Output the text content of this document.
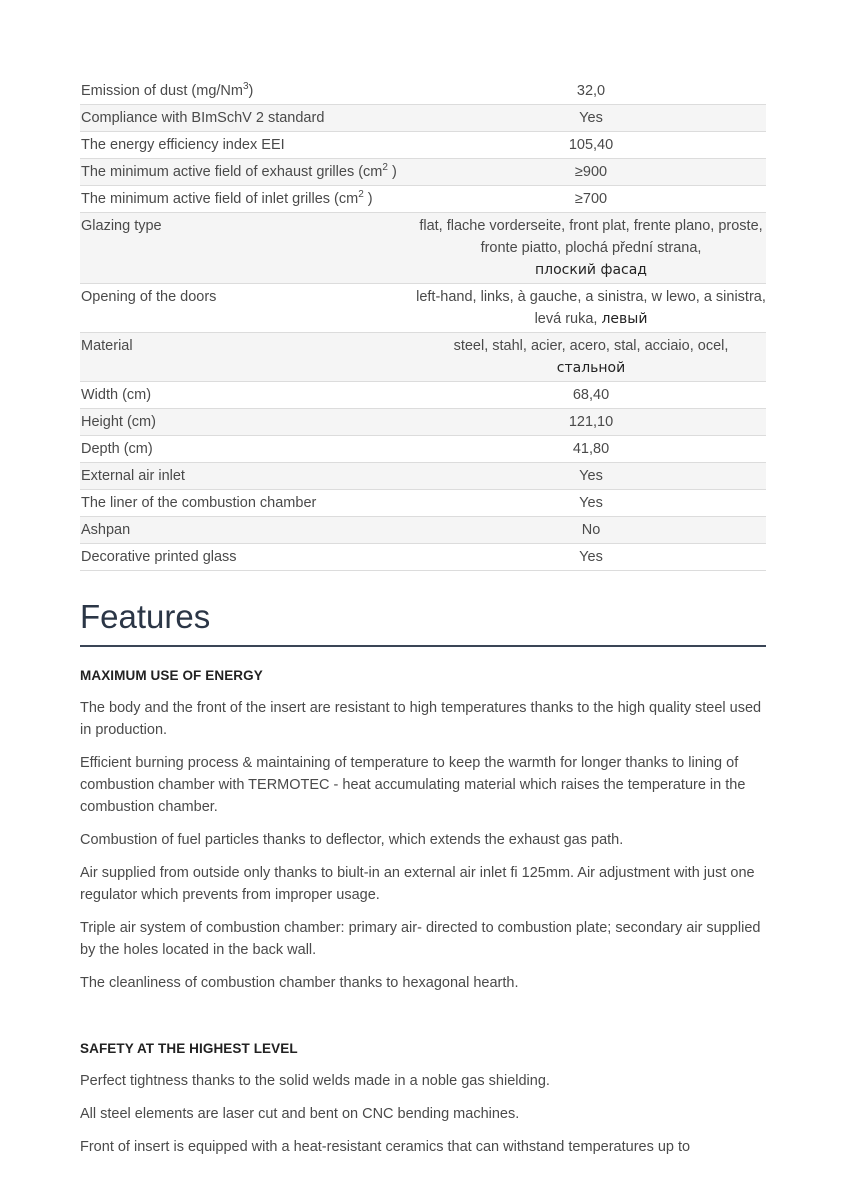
Emission of dust (mg/Nm$^3$)	32,0
Compliance with BImSchV 2 standard	Yes
The energy efficiency index EEI	105,40
The minimum active field of exhaust grilles ($cm^2$ )	≥900
The minimum active field of inlet grilles ($cm^2$ )	≥700
Glazing type	flat, flache vorderseite, front plat, frente plano, proste, fronte piatto, plochá přední strana,
плоский фасад
Opening of the doors	left-hand, links, à gauche, a sinistra, w lewo, a sinistra, levá ruka, левый
Material	steel, stahl, acier, acero, stal, acciaio, ocel,
стальной
Width (cm)	68,40
Height (cm)	121,10
Depth (cm)	41,80
External air inlet	Yes
The liner of the combustion chamber	Yes
Ashpan	No
Decorative printed glass	Yes
Features
MAXIMUM USE OF ENERGY

The body and the front of the insert are resistant to high temperatures thanks to the high quality steel used in production.

Efficient burning process & maintaining of temperature to keep the warmth for longer thanks to lining of combustion chamber with TERMOTEC - heat accumulating material which raises the temperature in the combustion chamber.

Combustion of fuel particles thanks to deflector, which extends the exhaust gas path.

Air supplied from outside only thanks to biult-in an external air inlet fi 125mm. Air adjustment with just one regulator which prevents from improper usage.

Triple air system of combustion chamber: primary air- directed to combustion plate; secondary air supplied by the holes located in the back wall.

The cleanliness of combustion chamber thanks to hexagonal hearth.

SAFETY AT THE HIGHEST LEVEL

Perfect tightness thanks to the solid welds made in a noble gas shielding.

All steel elements are laser cut and bent on CNC bending machines.

Front of insert is equipped with a heat-resistant ceramics that can withstand temperatures up to
